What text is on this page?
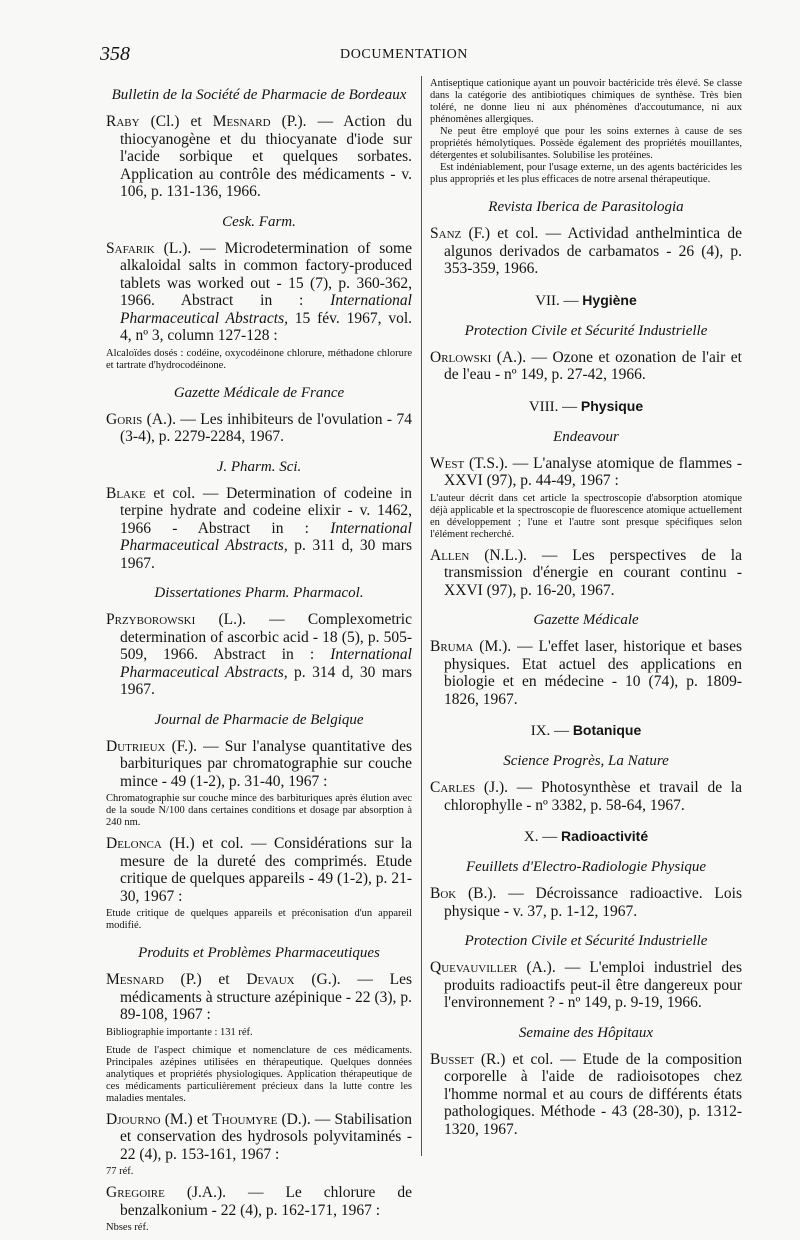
358	DOCUMENTATION
Bulletin de la Société de Pharmacie de Bordeaux

Raby (Cl.) et Mesnard (P.). — Action du thiocyanogène et du thiocyanate d'iode sur l'acide sorbique et quelques sorbates. Application au contrôle des médicaments - v. 106, p. 131-136, 1966.

Cesk. Farm.

Safarik (L.). — Microdetermination of some alkaloidal salts in common factory-produced tablets was worked out - 15 (7), p. 360-362, 1966. Abstract in : International Pharmaceutical Abstracts, 15 fév. 1967, vol. 4, nº 3, column 127-128 :

Alcaloïdes dosés : codéine, oxycodéinone chlorure, méthadone chlorure et tartrate d'hydrocodéinone.
Gazette Médicale de France

Goris (A.). — Les inhibiteurs de l'ovulation - 74 (3-4), p. 2279-2284, 1967.

J. Pharm. Sci.

Blake et col. — Determination of codeine in terpine hydrate and codeine elixir - v. 1462, 1966 - Abstract in : International Pharmaceutical Abstracts, p. 311 d, 30 mars 1967.

Dissertationes Pharm. Pharmacol.

Przyborowski (L.). — Complexometric determination of ascorbic acid - 18 (5), p. 505-509, 1966. Abstract in : International Pharmaceutical Abstracts, p. 314 d, 30 mars 1967.

Journal de Pharmacie de Belgique

Dutrieux (F.). — Sur l'analyse quantitative des barbituriques par chromatographie sur couche mince - 49 (1-2), p. 31-40, 1967 :

Chromatographie sur couche mince des barbituriques après élution avec de la soude N/100 dans certaines conditions et dosage par absorption à 240 nm.

Delonca (H.) et col. — Considérations sur la mesure de la dureté des comprimés. Etude critique de quelques appareils - 49 (1-2), p. 21-30, 1967 :

Etude critique de quelques appareils et préconisation d'un appareil modifié.
Produits et Problèmes Pharmaceutiques

Mesnard (P.) et Devaux (G.). — Les médicaments à structure azépinique - 22 (3), p. 89-108, 1967 :

Bibliographie importante : 131 réf.
Etude de l'aspect chimique et nomenclature de ces médicaments. Principales azépines utilisées en thérapeutique. Quelques données analytiques et propriétés physiologiques. Application thérapeutique de ces médicaments particulièrement précieux dans la lutte contre les maladies mentales.

Djourno (M.) et Thoumyre (D.). — Stabilisation et conservation des hydrosols polyvitaminés - 22 (4), p. 153-161, 1967 :

77 réf.

Gregoire (J.A.). — Le chlorure de benzalkonium - 22 (4), p. 162-171, 1967 :

Nbses réf.
Antiseptique cationique ayant un pouvoir bactéricide très élevé. Se classe dans la catégorie des antibiotiques chimiques de synthèse. Très bien toléré, ne donne lieu ni aux phénomènes d'accoutumance, ni aux phénomènes allergiques.
Ne peut être employé que pour les soins externes à cause de ses propriétés hémolytiques. Possède également des propriétés mouillantes, détergentes et solubilisantes. Solubilise les protéines.
Est indéniablement, pour l'usage externe, un des agents bactéricides les plus appropriés et les plus efficaces de notre arsenal thérapeutique.
Revista Iberica de Parasitologia

Sanz (F.) et col. — Actividad anthelmintica de algunos derivados de carbamatos - 26 (4), p. 353-359, 1966.

VII. — Hygiène
Protection Civile et Sécurité Industrielle

Orlowski (A.). — Ozone et ozonation de l'air et de l'eau - nº 149, p. 27-42, 1966.

VIII. — Physique
Endeavour

West (T.S.). — L'analyse atomique de flammes - XXVI (97), p. 44-49, 1967 :

L'auteur décrit dans cet article la spectroscopie d'absorption atomique déjà applicable et la spectroscopie de fluorescence atomique actuellement en développement ; l'une et l'autre sont presque spécifiques selon l'élément recherché.

Allen (N.L.). — Les perspectives de la transmission d'énergie en courant continu - XXVI (97), p. 16-20, 1967.

Gazette Médicale

Bruma (M.). — L'effet laser, historique et bases physiques. Etat actuel des applications en biologie et en médecine - 10 (74), p. 1809-1826, 1967.

IX. — Botanique
Science Progrès, La Nature

Carles (J.). — Photosynthèse et travail de la chlorophylle - nº 3382, p. 58-64, 1967.

X. — Radioactivité
Feuillets d'Electro-Radiologie Physique

Bok (B.). — Décroissance radioactive. Lois physique - v. 37, p. 1-12, 1967.

Protection Civile et Sécurité Industrielle

Quevauviller (A.). — L'emploi industriel des produits radioactifs peut-il être dangereux pour l'environnement ? - nº 149, p. 9-19, 1966.

Semaine des Hôpitaux

Busset (R.) et col. — Etude de la composition corporelle à l'aide de radioisotopes chez l'homme normal et au cours de différents états pathologiques. Méthode - 43 (28-30), p. 1312-1320, 1967.
